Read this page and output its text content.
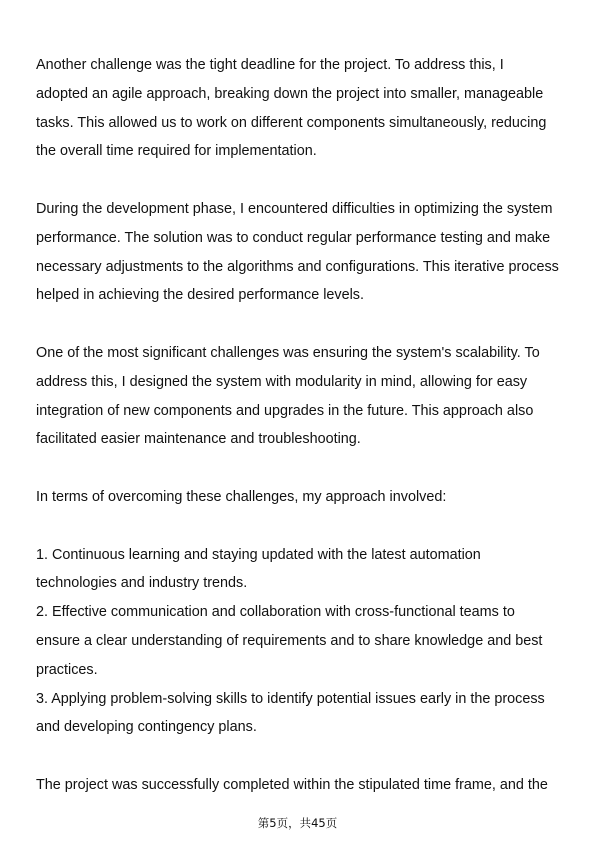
Another challenge was the tight deadline for the project. To address this, I
adopted an agile approach, breaking down the project into smaller, manageable
tasks. This allowed us to work on different components simultaneously, reducing
the overall time required for implementation.

During the development phase, I encountered difficulties in optimizing the system
performance. The solution was to conduct regular performance testing and make
necessary adjustments to the algorithms and configurations. This iterative process
helped in achieving the desired performance levels.

One of the most significant challenges was ensuring the system's scalability. To
address this, I designed the system with modularity in mind, allowing for easy
integration of new components and upgrades in the future. This approach also
facilitated easier maintenance and troubleshooting.

In terms of overcoming these challenges, my approach involved:

1. Continuous learning and staying updated with the latest automation
technologies and industry trends.
2. Effective communication and collaboration with cross-functional teams to
ensure a clear understanding of requirements and to share knowledge and best
practices.
3. Applying problem-solving skills to identify potential issues early in the process
and developing contingency plans.

The project was successfully completed within the stipulated time frame, and the

第5页，共45页
